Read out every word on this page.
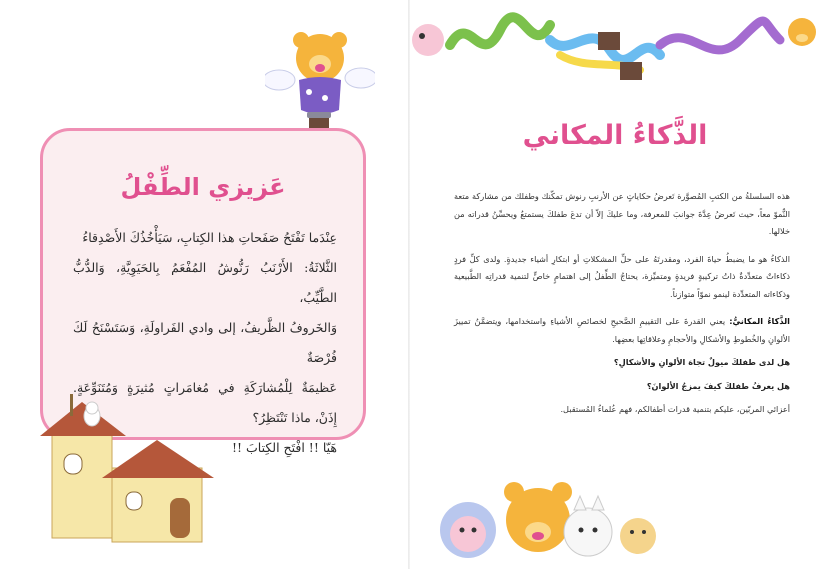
عَزيزي الطِّفْلُ

عِنْدَما تَفْتَحُ صَفَحاتِ هذا الكِتابِ، سَيَأْخُذُكَ الأَصْدِقاءُ

الثَّلاثَةُ: الأَرْنَبُ رَنُّوشُ المُفْعَمُ بِالحَيَوِيَّةِ، وَالدُّبُّ الطَّيِّبُ،

وَالخَروفُ الظَّريفُ، إلى وادي الفَراولَةِ، وَسَتَسْنَحُ لَكَ فُرْصَةٌ

عَظيمَةٌ لِلْمُشارَكَةِ في مُغامَراتٍ مُثيرَةٍ وَمُتَنَوِّعَةٍ. إِذَنْ، ماذا تَنْتَظِرُ؟

هَيّا !! افْتَحِ الكِتابَ !!

الذَّكاءُ المكاني

هذه السلسلةُ من الكتبِ المُصوَّرة تَعرضُ حكاياتٍ عن الأرنبِ رنوش تمكّنك وطفلك من مشاركة متعة النُّموّ معاً، حيث تَعرضُ عِدَّةَ جوانبَ للمعرفة، وما عليكَ إلاّ أن تدعَ طفلكَ يستمتعُ ويحسِّنُ قدراته من خلالها.

الذكاءُ هو ما يضبطُ حياةَ الفرد، ومقدرتَهُ على حلِّ المشكلاتِ أو ابتكارِ أشياء جديدةٍ. ولدى كلِّ فردٍ ذكاءاتٌ متعدِّدةٌ ذاتُ تركيبةٍ فريدةٍ ومتميِّزة، يحتاجُ الطِّفلُ إلى اهتمامٍ خاصٍّ لتنمية قدراتِه الطَّبيعية وذكاءاته المتعدِّدة لينمو نموّاً متوازناً.

الذَّكاءُ المكانيُّ: يعني القدرةَ على التقييمِ الصَّحيحِ لخصائصِ الأشياءِ واستخدامها، ويتضمَّنُ تمييزَ الألوانِ والخُطوطِ والأشكالِ والأحجامِ وعلاقاتِها بعضِها.

هل لدى طفلكَ ميولٌ تجاهَ الألوانِ والأشكالِ؟
هل يعرفُ طفلكَ كيفَ يمزجُ الألوانَ؟

أعزائي المربّين، عليكم بتنمية قدرات أطفالكم، فهم عُلماءُ المُستقبل.
